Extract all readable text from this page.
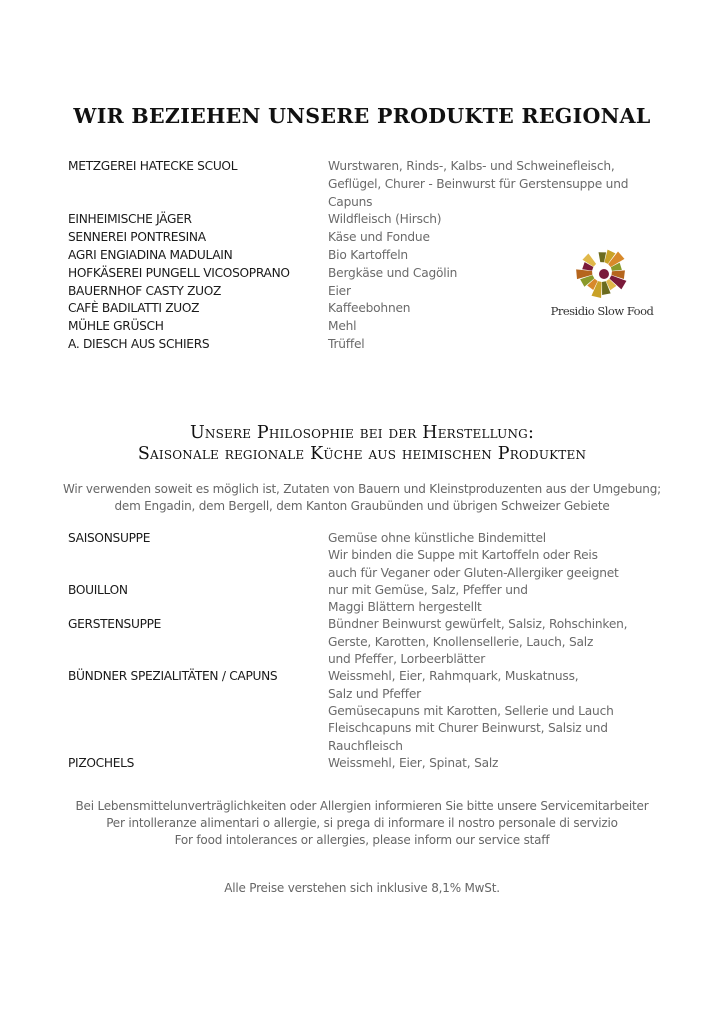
WIR BEZIEHEN UNSERE PRODUKTE REGIONAL
METZGEREI HATECKE SCUOL	Wurstwaren, Rinds-, Kalbs- und Schweinefleisch,
Geflügel, Churer - Beinwurst für Gerstensuppe und
Capuns
EINHEIMISCHE JÄGER	Wildfleisch (Hirsch)
SENNEREI PONTRESINA	Käse und Fondue
AGRI ENGIADINA MADULAIN	Bio Kartoffeln
HOFKÄSEREI PUNGELL VICOSOPRANO	Bergkäse und Cagölin
BAUERNHOF CASTY ZUOZ	Eier
CAFÈ BADILATTI ZUOZ	Kaffeebohnen
MÜHLE GRÜSCH	Mehl
A. DIESCH AUS SCHIERS	Trüffel
Presidio Slow Food
Unsere Philosophie bei der Herstellung:
Saisonale regionale Küche aus heimischen Produkten
Wir verwenden soweit es möglich ist, Zutaten von Bauern und Kleinstproduzenten aus der Umgebung;
dem Engadin, dem Bergell, dem Kanton Graubünden und übrigen Schweizer Gebiete
SAISONSUPPE	Gemüse ohne künstliche Bindemittel
Wir binden die Suppe mit Kartoffeln oder Reis
auch für Veganer oder Gluten-Allergiker geeignet
BOUILLON	nur mit Gemüse, Salz, Pfeffer und
Maggi Blättern hergestellt
GERSTENSUPPE	Bündner Beinwurst gewürfelt, Salsiz, Rohschinken,
Gerste, Karotten, Knollensellerie, Lauch, Salz
und Pfeffer, Lorbeerblätter
BÜNDNER SPEZIALITÄTEN / CAPUNS	Weissmehl, Eier, Rahmquark, Muskatnuss,
Salz und Pfeffer
Gemüsecapuns mit Karotten, Sellerie und Lauch
Fleischcapuns mit Churer Beinwurst, Salsiz und
Rauchfleisch
PIZOCHELS	Weissmehl, Eier, Spinat, Salz
Bei Lebensmittelunverträglichkeiten oder Allergien informieren Sie bitte unsere Servicemitarbeiter
Per intolleranze alimentari o allergie, si prega di informare il nostro personale di servizio
For food intolerances or allergies, please inform our service staff
Alle Preise verstehen sich inklusive 8,1% MwSt.
